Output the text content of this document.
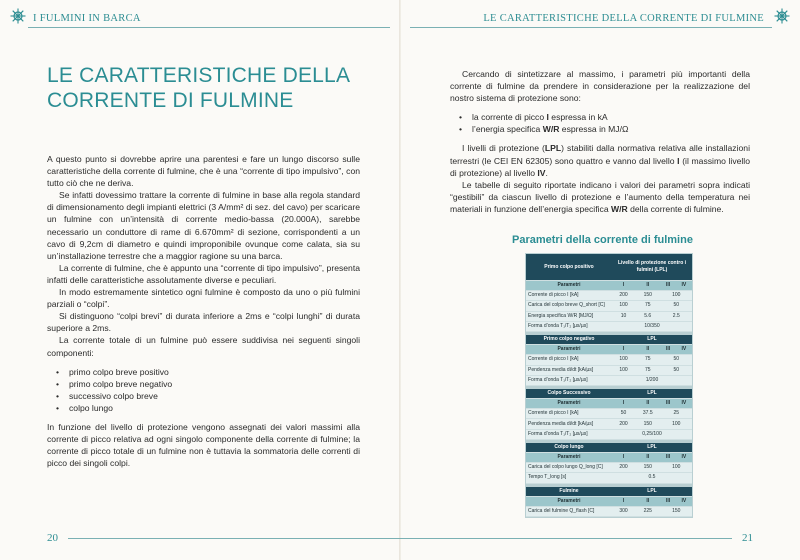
I FULMINI IN BARCA
LE CARATTERISTICHE DELLA
CORRENTE DI FULMINE

A questo punto si dovrebbe aprire una parentesi e fare un lungo discorso sulle caratteristiche della corrente di fulmine, che è una “corrente di tipo impulsivo”, con tutto ciò che ne deriva.

Se infatti dovessimo trattare la corrente di fulmine in base alla regola standard di dimensionamento degli impianti elettrici (3 A/mm² di sez. del cavo) per scaricare un fulmine con un’intensità di corrente medio-bassa (20.000A), sarebbe necessario un conduttore di rame di 6.670mm² di sezione, corrispondenti a un cavo di 9,2cm di diametro e quindi improponibile ovunque come calata, sia su un’installazione terrestre che a maggior ragione su una barca.

La corrente di fulmine, che è appunto una “corrente di tipo impulsivo”, presenta infatti delle caratteristiche assolutamente diverse e peculiari.

In modo estremamente sintetico ogni fulmine è composto da uno o più fulmini parziali o “colpi”.

Si distinguono “colpi brevi” di durata inferiore a 2ms e “colpi lunghi” di durata superiore a 2ms.

La corrente totale di un fulmine può essere suddivisa nei seguenti singoli componenti:

• primo colpo breve positivo
• primo colpo breve negativo
• successivo colpo breve
• colpo lungo

In funzione del livello di protezione vengono assegnati dei valori massimi alla corrente di picco relativa ad ogni singolo componente della corrente di fulmine; la corrente di picco totale di un fulmine non è tuttavia la sommatoria delle correnti di picco dei singoli colpi.

20
LE CARATTERISTICHE DELLA CORRENTE DI FULMINE

Cercando di sintetizzare al massimo, i parametri più importanti della corrente di fulmine da prendere in considerazione per la realizzazione del nostro sistema di protezione sono:

• la corrente di picco I espressa in kA
• l’energia specifica W/R espressa in MJ/Ω

I livelli di protezione (LPL) stabiliti dalla normativa relativa alle installazioni terrestri (le CEI EN 62305) sono quattro e vanno dal livello I (il massimo livello di protezione) al livello IV.

Le tabelle di seguito riportate indicano i valori dei parametri sopra indicati “gestibili” da ciascun livello di protezione e l’aumento della temperatura nei materiali in funzione dell’energia specifica W/R della corrente di fulmine.

Parametri della corrente di fulmine
Primo colpo positivo	Livello di protezione contro i fulmini (LPL)			
Parametri	I	II	III	IV
Corrente di picco I [kA]	200	150	100	
Carica del colpo breve Q_short [C]	100	75	50	
Energia specifica W/R [MJ/Ω]	10	5.6	2.5	
Forma d’onda T₁/T₂ [µs/µs]	10/350			

Primo colpo negativo	LPL			
Parametri	I	II	III	IV
Corrente di picco I [kA]	100	75	50	
Pendenza media di/dt [kA/µs]	100	75	50	
Forma d’onda T₁/T₂ [µs/µs]	1/200			

Colpo Successivo	LPL			
Parametri	I	II	III	IV
Corrente di picco I [kA]	50	37.5	25	
Pendenza media di/dt [kA/µs]	200	150	100	
Forma d’onda T₁/T₂ [µs/µs]	0,25/100			

Colpo lungo	LPL			
Parametri	I	II	III	IV
Carica del colpo lungo Q_long [C]	200	150	100	
Tempo T_long [s]	0.5			

Fulmine	LPL			
Parametri	I	II	III	IV
Carica del fulmine Q_flash [C]	300	225	150	
21
